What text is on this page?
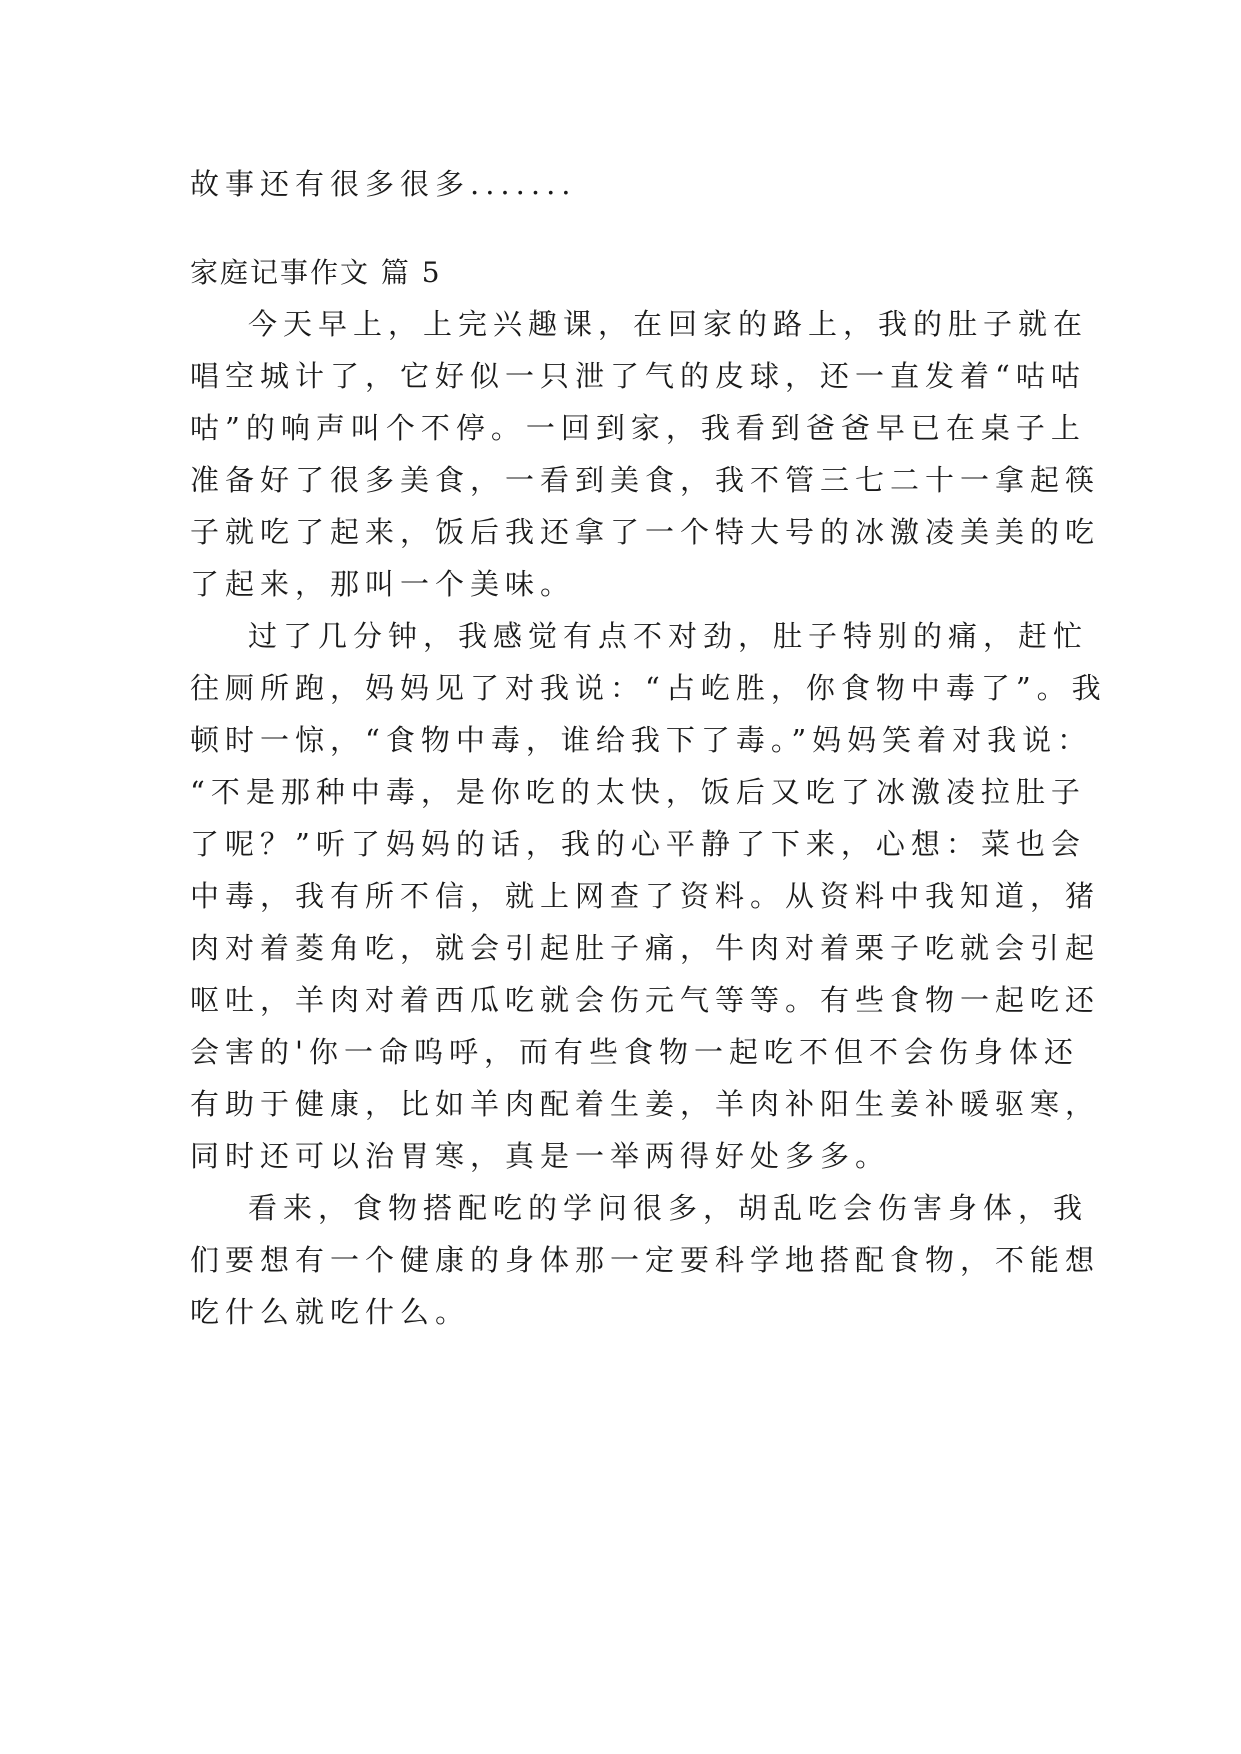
故事还有很多很多.......
家庭记事作文 篇 5
今天早上，上完兴趣课，在回家的路上，我的肚子就在
唱空城计了，它好似一只泄了气的皮球，还一直发着“咕咕
咕”的响声叫个不停。一回到家，我看到爸爸早已在桌子上
准备好了很多美食，一看到美食，我不管三七二十一拿起筷
子就吃了起来，饭后我还拿了一个特大号的冰激凌美美的吃
了起来，那叫一个美味。
过了几分钟，我感觉有点不对劲，肚子特别的痛，赶忙
往厕所跑，妈妈见了对我说：“占屹胜，你食物中毒了”。我
顿时一惊，“食物中毒，谁给我下了毒。”妈妈笑着对我说：
“不是那种中毒，是你吃的太快，饭后又吃了冰激凌拉肚子
了呢？”听了妈妈的话，我的心平静了下来，心想：菜也会
中毒，我有所不信，就上网查了资料。从资料中我知道，猪
肉对着菱角吃，就会引起肚子痛，牛肉对着栗子吃就会引起
呕吐，羊肉对着西瓜吃就会伤元气等等。有些食物一起吃还
会害的'你一命呜呼，而有些食物一起吃不但不会伤身体还
有助于健康，比如羊肉配着生姜，羊肉补阳生姜补暖驱寒，
同时还可以治胃寒，真是一举两得好处多多。
看来，食物搭配吃的学问很多，胡乱吃会伤害身体，我
们要想有一个健康的身体那一定要科学地搭配食物，不能想
吃什么就吃什么。
